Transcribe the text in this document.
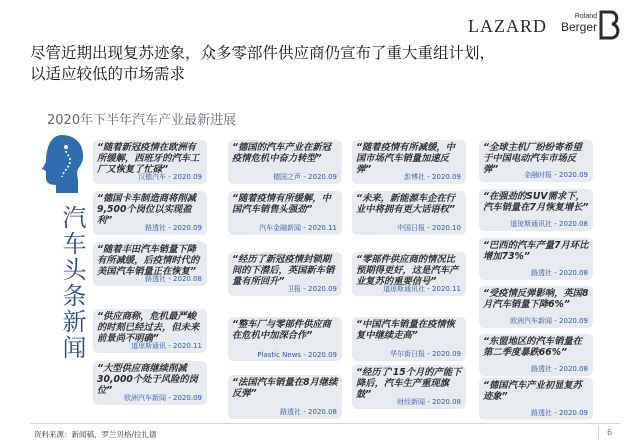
LAZARD	Roland
Berger
尽管近期出现复苏迹象，众多零部件供应商仍宣布了重大重组计划，
以适应较低的市场需求
2020年下半年汽车产业最新进展
汽车头条新闻
“随着新冠疫情在欧洲有所缓解，西班牙的汽车工厂又恢复了忙碌”
汉德汽车 - 2020.09
“德国卡车制造商将削减9,500个岗位以实现盈利”
路透社 - 2020.09
“随着丰田汽车销量下降有所减缓，后疫情时代的美国汽车销量正在恢复”
路透社 - 2020.08
“供应商称，危机最严峻的时刻已经过去，但未来前景尚不明确”
道琼斯通讯 - 2020.11
“大型供应商继续削减30,000个处于风险的岗位”
欧洲汽车新闻 - 2020.09
“德国的汽车产业在新冠疫情危机中奋力转型”
德国之声 - 2020.09
“随着疫情有所缓解，中国汽车销售头强劲”
汽车金融新闻 - 2020.11
“经历了新冠疫情封锁期间的下潜后，英国新车销量有所回升”
卫报 - 2020.09
“整车厂与零部件供应商在危机中加深合作”
Plastic News - 2020.09
“法国汽车销量在8月继续反弹”
路透社 - 2020.08
“随着疫情有所减缓，中国市场汽车销量加速反弹”
彭博社 - 2020.09
“未来，新能源车企在行业中将拥有更大话语权”
中国日报 - 2020.10
“零部件供应商的情况比预期得更好，这是汽车产业复苏的重要信号”
道琼斯通讯社 - 2020.11
“中国汽车销量在疫情恢复中继续走高”
华尔街日报 - 2020.09
“经历了'15个月的产能下降后，汽车生产重现旗鼓”
财经新闻 - 2020.08
“全球主机厂纷纷寄希望于中国电动汽车市场反弹”	金融时报 - 2020.09
“在强劲的SUV需求下，汽车销量在7月恢复增长”
道琼斯通讯社 - 2020.08
“巴西的汽车产量7月环比增加73%”
路透社 - 2020.08
“受疫情反弹影响，英国8月汽车销量下降6%”
欧洲汽车新闻 - 2020.09
“东盟地区的汽车销量在第二季度暴跌66%”
路透社 - 2020.08
“德国汽车产业初显复苏迹象”
路透社 - 2020.09
资料来源：新闻稿，罗兰贝格/拉扎德	6
